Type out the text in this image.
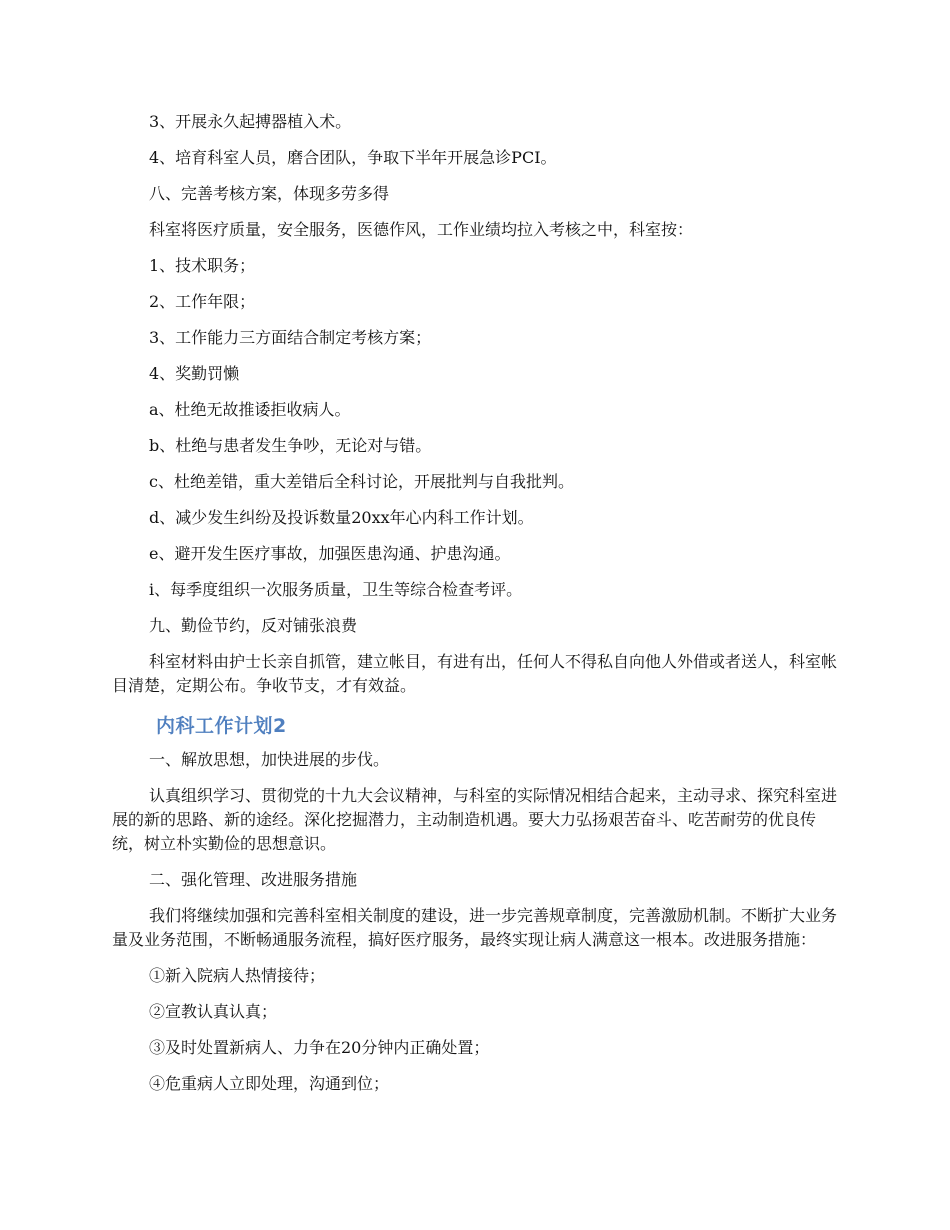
3、开展永久起搏器植入术。

4、培育科室人员，磨合团队，争取下半年开展急诊PCI。

八、完善考核方案，体现多劳多得

科室将医疗质量，安全服务，医德作风，工作业绩均拉入考核之中，科室按：

1、技术职务；

2、工作年限；

3、工作能力三方面结合制定考核方案；

4、奖勤罚懒

a、杜绝无故推诿拒收病人。

b、杜绝与患者发生争吵，无论对与错。

c、杜绝差错，重大差错后全科讨论，开展批判与自我批判。

d、减少发生纠纷及投诉数量20xx年心内科工作计划。

e、避开发生医疗事故，加强医患沟通、护患沟通。

i、每季度组织一次服务质量，卫生等综合检查考评。

九、勤俭节约，反对铺张浪费

科室材料由护士长亲自抓管，建立帐目，有进有出，任何人不得私自向他人外借或者送人，科室帐目清楚，定期公布。争收节支，才有效益。

内科工作计划2

一、解放思想，加快进展的步伐。

认真组织学习、贯彻党的十九大会议精神，与科室的实际情况相结合起来，主动寻求、探究科室进展的新的思路、新的途经。深化挖掘潜力，主动制造机遇。要大力弘扬艰苦奋斗、吃苦耐劳的优良传统，树立朴实勤俭的思想意识。

二、强化管理、改进服务措施

我们将继续加强和完善科室相关制度的建设，进一步完善规章制度，完善激励机制。不断扩大业务量及业务范围，不断畅通服务流程，搞好医疗服务，最终实现让病人满意这一根本。改进服务措施：

①新入院病人热情接待；

②宣教认真认真；

③及时处置新病人、力争在20分钟内正确处置；

④危重病人立即处理，沟通到位；
